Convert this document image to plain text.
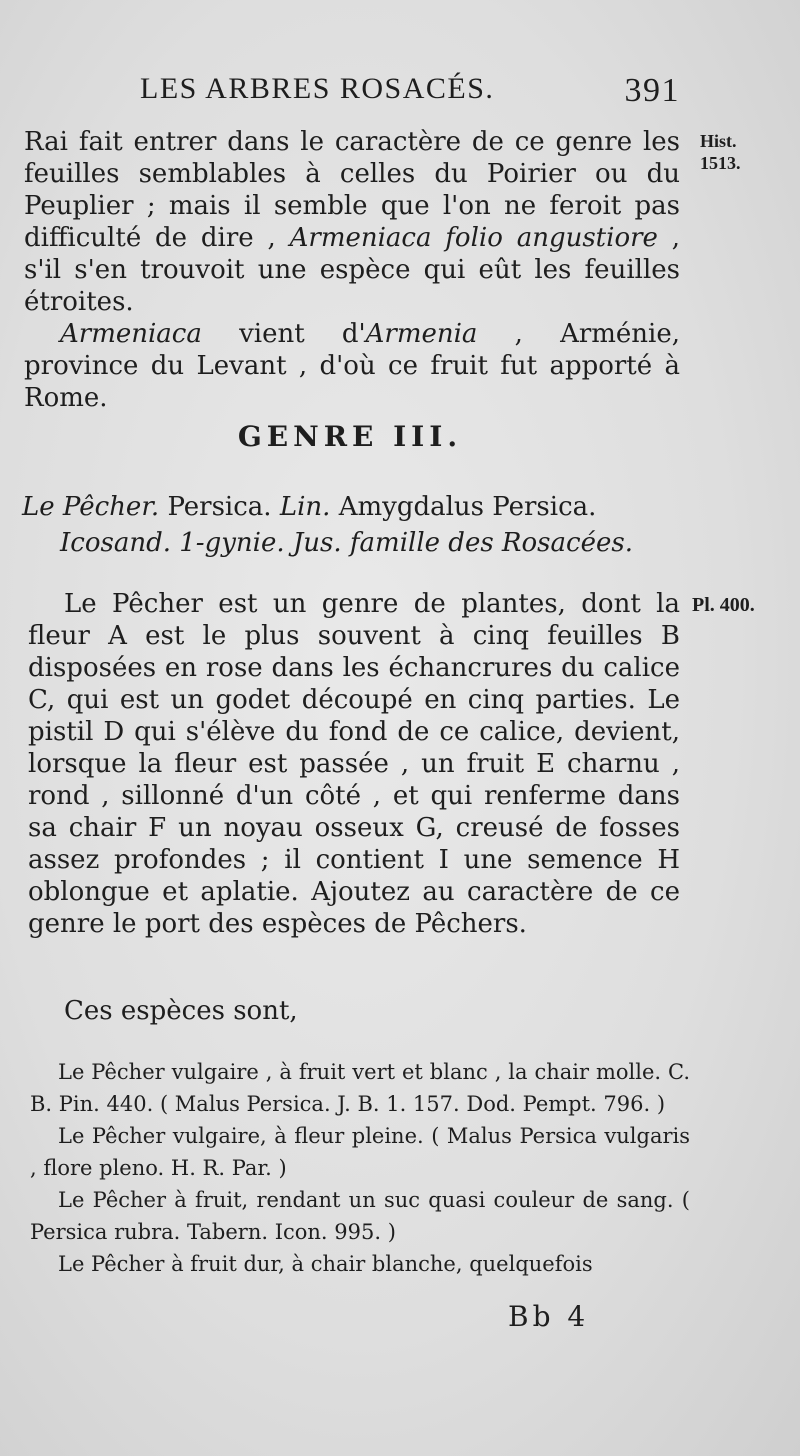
LES ARBRES ROSACÉS.	391
Hist.
1513.

Rai fait entrer dans le caractère de ce genre les feuilles semblables à celles du Poirier ou du Peuplier ; mais il semble que l'on ne feroit pas difficulté de dire , Armeniaca folio angustiore , s'il s'en trouvoit une espèce qui eût les feuilles étroites.

Armeniaca vient d'Armenia , Arménie, province du Levant , d'où ce fruit fut apporté à Rome.

GENRE III.
Le Pêcher. Persica. Lin. Amygdalus Persica.
Icosand. 1-gynie. Jus. famille des Rosacées.
Pl. 400.

Le Pêcher est un genre de plantes, dont la fleur A est le plus souvent à cinq feuilles B disposées en rose dans les échancrures du calice C, qui est un godet découpé en cinq parties. Le pistil D qui s'élève du fond de ce calice, devient, lorsque la fleur est passée , un fruit E charnu , rond , sillonné d'un côté , et qui renferme dans sa chair F un noyau osseux G, creusé de fosses assez profondes ; il contient I une semence H oblongue et aplatie. Ajoutez au caractère de ce genre le port des espèces de Pêchers.

Ces espèces sont,

Le Pêcher vulgaire , à fruit vert et blanc , la chair molle. C. B. Pin. 440. ( Malus Persica. J. B. 1. 157. Dod. Pempt. 796. )

Le Pêcher vulgaire, à fleur pleine. ( Malus Persica vulgaris , flore pleno. H. R. Par. )

Le Pêcher à fruit, rendant un suc quasi couleur de sang. ( Persica rubra. Tabern. Icon. 995. )

Le Pêcher à fruit dur, à chair blanche, quelquefois

Bb 4
